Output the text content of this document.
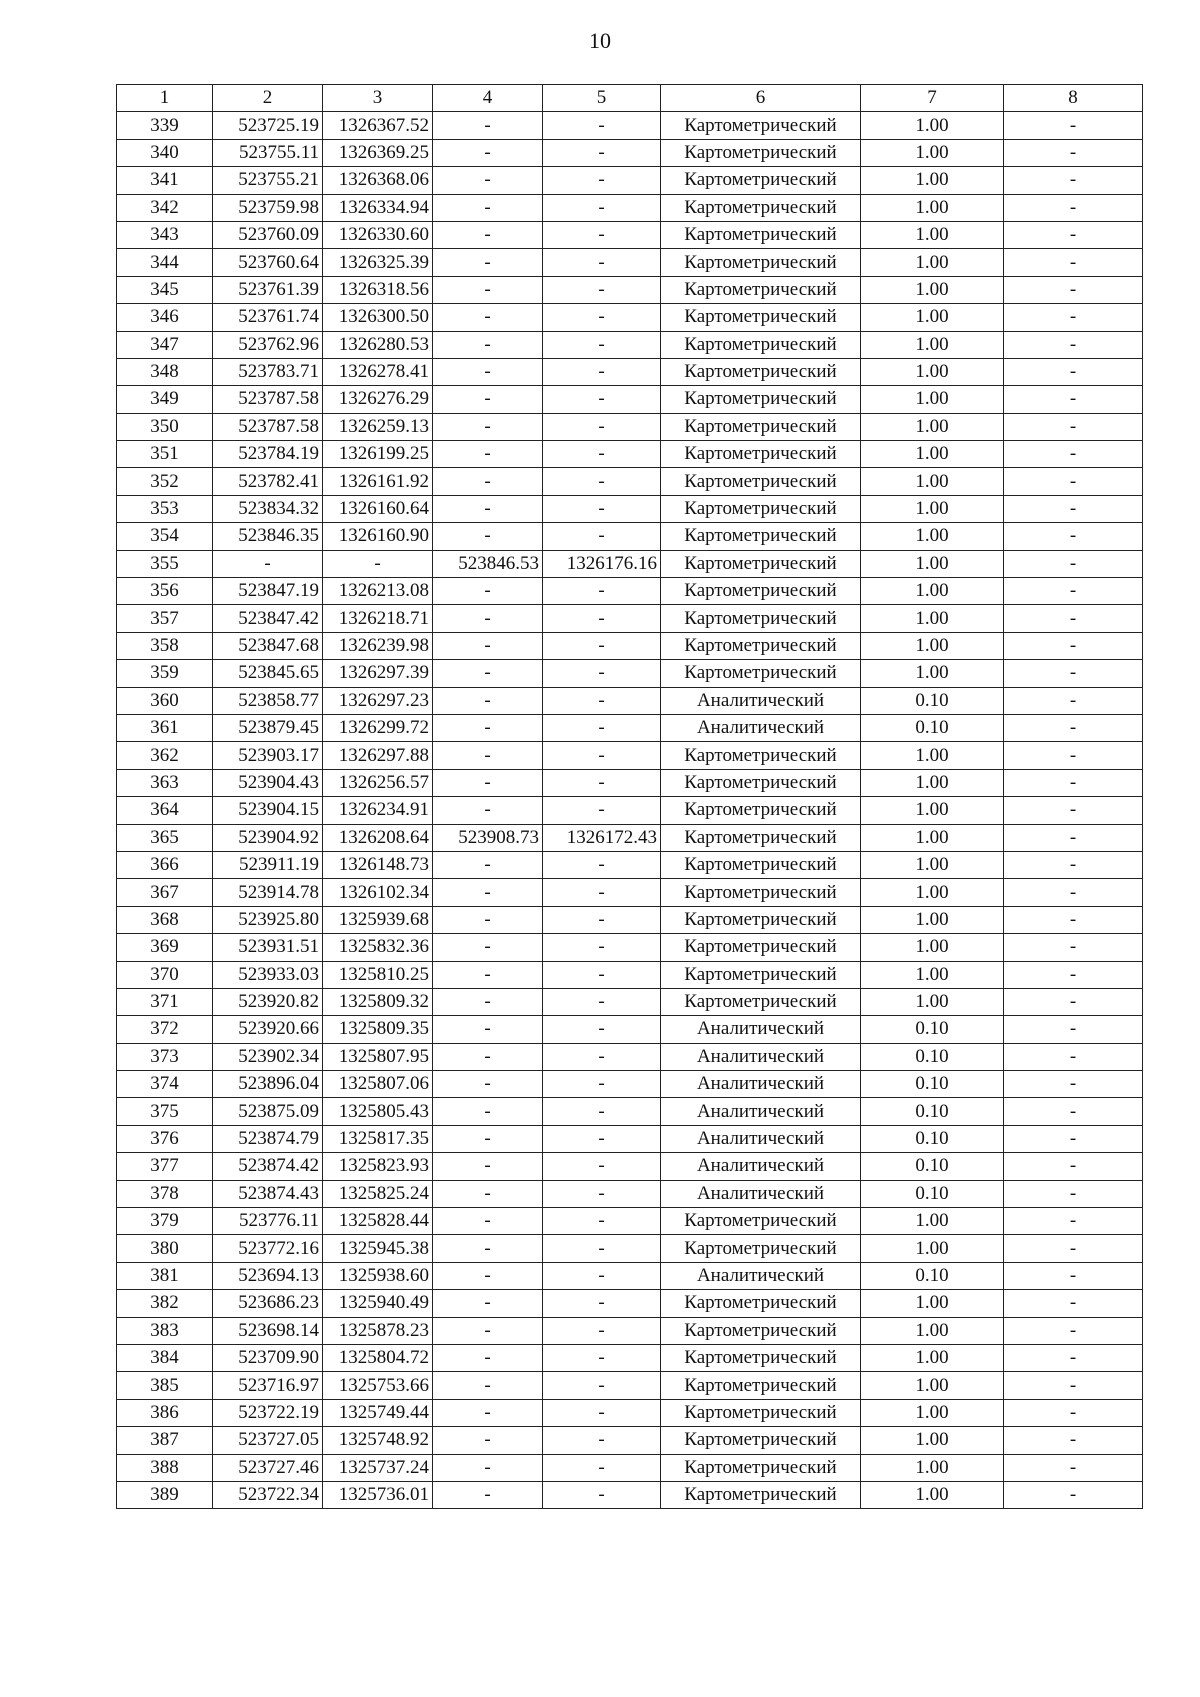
10
1	2	3	4	5	6	7	8
339	523725.19	1326367.52	-	-	Картометрический	1.00	-
340	523755.11	1326369.25	-	-	Картометрический	1.00	-
341	523755.21	1326368.06	-	-	Картометрический	1.00	-
342	523759.98	1326334.94	-	-	Картометрический	1.00	-
343	523760.09	1326330.60	-	-	Картометрический	1.00	-
344	523760.64	1326325.39	-	-	Картометрический	1.00	-
345	523761.39	1326318.56	-	-	Картометрический	1.00	-
346	523761.74	1326300.50	-	-	Картометрический	1.00	-
347	523762.96	1326280.53	-	-	Картометрический	1.00	-
348	523783.71	1326278.41	-	-	Картометрический	1.00	-
349	523787.58	1326276.29	-	-	Картометрический	1.00	-
350	523787.58	1326259.13	-	-	Картометрический	1.00	-
351	523784.19	1326199.25	-	-	Картометрический	1.00	-
352	523782.41	1326161.92	-	-	Картометрический	1.00	-
353	523834.32	1326160.64	-	-	Картометрический	1.00	-
354	523846.35	1326160.90	-	-	Картометрический	1.00	-
355	-	-	523846.53	1326176.16	Картометрический	1.00	-
356	523847.19	1326213.08	-	-	Картометрический	1.00	-
357	523847.42	1326218.71	-	-	Картометрический	1.00	-
358	523847.68	1326239.98	-	-	Картометрический	1.00	-
359	523845.65	1326297.39	-	-	Картометрический	1.00	-
360	523858.77	1326297.23	-	-	Аналитический	0.10	-
361	523879.45	1326299.72	-	-	Аналитический	0.10	-
362	523903.17	1326297.88	-	-	Картометрический	1.00	-
363	523904.43	1326256.57	-	-	Картометрический	1.00	-
364	523904.15	1326234.91	-	-	Картометрический	1.00	-
365	523904.92	1326208.64	523908.73	1326172.43	Картометрический	1.00	-
366	523911.19	1326148.73	-	-	Картометрический	1.00	-
367	523914.78	1326102.34	-	-	Картометрический	1.00	-
368	523925.80	1325939.68	-	-	Картометрический	1.00	-
369	523931.51	1325832.36	-	-	Картометрический	1.00	-
370	523933.03	1325810.25	-	-	Картометрический	1.00	-
371	523920.82	1325809.32	-	-	Картометрический	1.00	-
372	523920.66	1325809.35	-	-	Аналитический	0.10	-
373	523902.34	1325807.95	-	-	Аналитический	0.10	-
374	523896.04	1325807.06	-	-	Аналитический	0.10	-
375	523875.09	1325805.43	-	-	Аналитический	0.10	-
376	523874.79	1325817.35	-	-	Аналитический	0.10	-
377	523874.42	1325823.93	-	-	Аналитический	0.10	-
378	523874.43	1325825.24	-	-	Аналитический	0.10	-
379	523776.11	1325828.44	-	-	Картометрический	1.00	-
380	523772.16	1325945.38	-	-	Картометрический	1.00	-
381	523694.13	1325938.60	-	-	Аналитический	0.10	-
382	523686.23	1325940.49	-	-	Картометрический	1.00	-
383	523698.14	1325878.23	-	-	Картометрический	1.00	-
384	523709.90	1325804.72	-	-	Картометрический	1.00	-
385	523716.97	1325753.66	-	-	Картометрический	1.00	-
386	523722.19	1325749.44	-	-	Картометрический	1.00	-
387	523727.05	1325748.92	-	-	Картометрический	1.00	-
388	523727.46	1325737.24	-	-	Картометрический	1.00	-
389	523722.34	1325736.01	-	-	Картометрический	1.00	-
